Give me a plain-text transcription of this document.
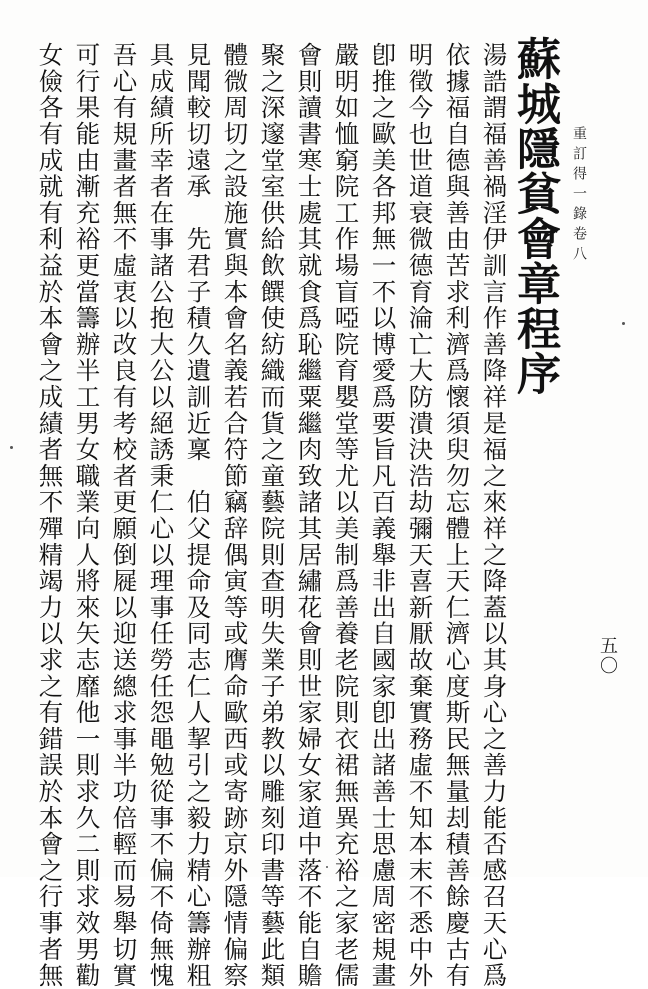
重訂得一錄
卷八
五〇
蘇城隱貧會章程序
湯誥謂福善禍淫伊訓言作善降祥是福之來祥之降蓋以其身心之善力能否感召天心爲
依據福自德與善由苦求利濟爲懷須臾勿忘體上天仁濟心度斯民無量刦積善餘慶古有
明徵今也世道衰微德育淪亡大防潰決浩劫彌天喜新厭故棄實務虛不知本末不悉中外
卽推之歐美各邦無一不以博愛爲要旨凡百義舉非出自國家卽出諸善士思慮周密規畫
嚴明如恤窮院工作場盲啞院育嬰堂等尤以美制爲善養老院則衣裙無異充裕之家老儒
會則讀書寒士處其就食爲恥繼粟繼肉致諸其居繡花會則世家婦女家道中落不能自贍
聚之深邃堂室供給飲饌使紡織而貨之童藝院則查明失業子弟教以雕刻印書等藝此類
體微周切之設施實與本會名義若合符節竊辞偶寅等或膺命歐西或寄跡京外隱情偏察
見聞較切遠承　先君子積久遺訓近稟　伯父提命及同志仁人挈引之毅力精心籌辦粗
具成績所幸者在事諸公抱大公以絕誘秉仁心以理事任勞任怨黽勉從事不偏不倚無愧
吾心有規畫者無不虛衷以改良有考校者更願倒屣以迎送總求事半功倍輕而易舉切實
可行果能由漸充裕更當籌辦半工男女職業向人將來矢志靡他一則求久二則求效男勸
女儉各有成就有利益於本會之成績者無不殫精竭力以求之有錯誤於本會之行事者無
